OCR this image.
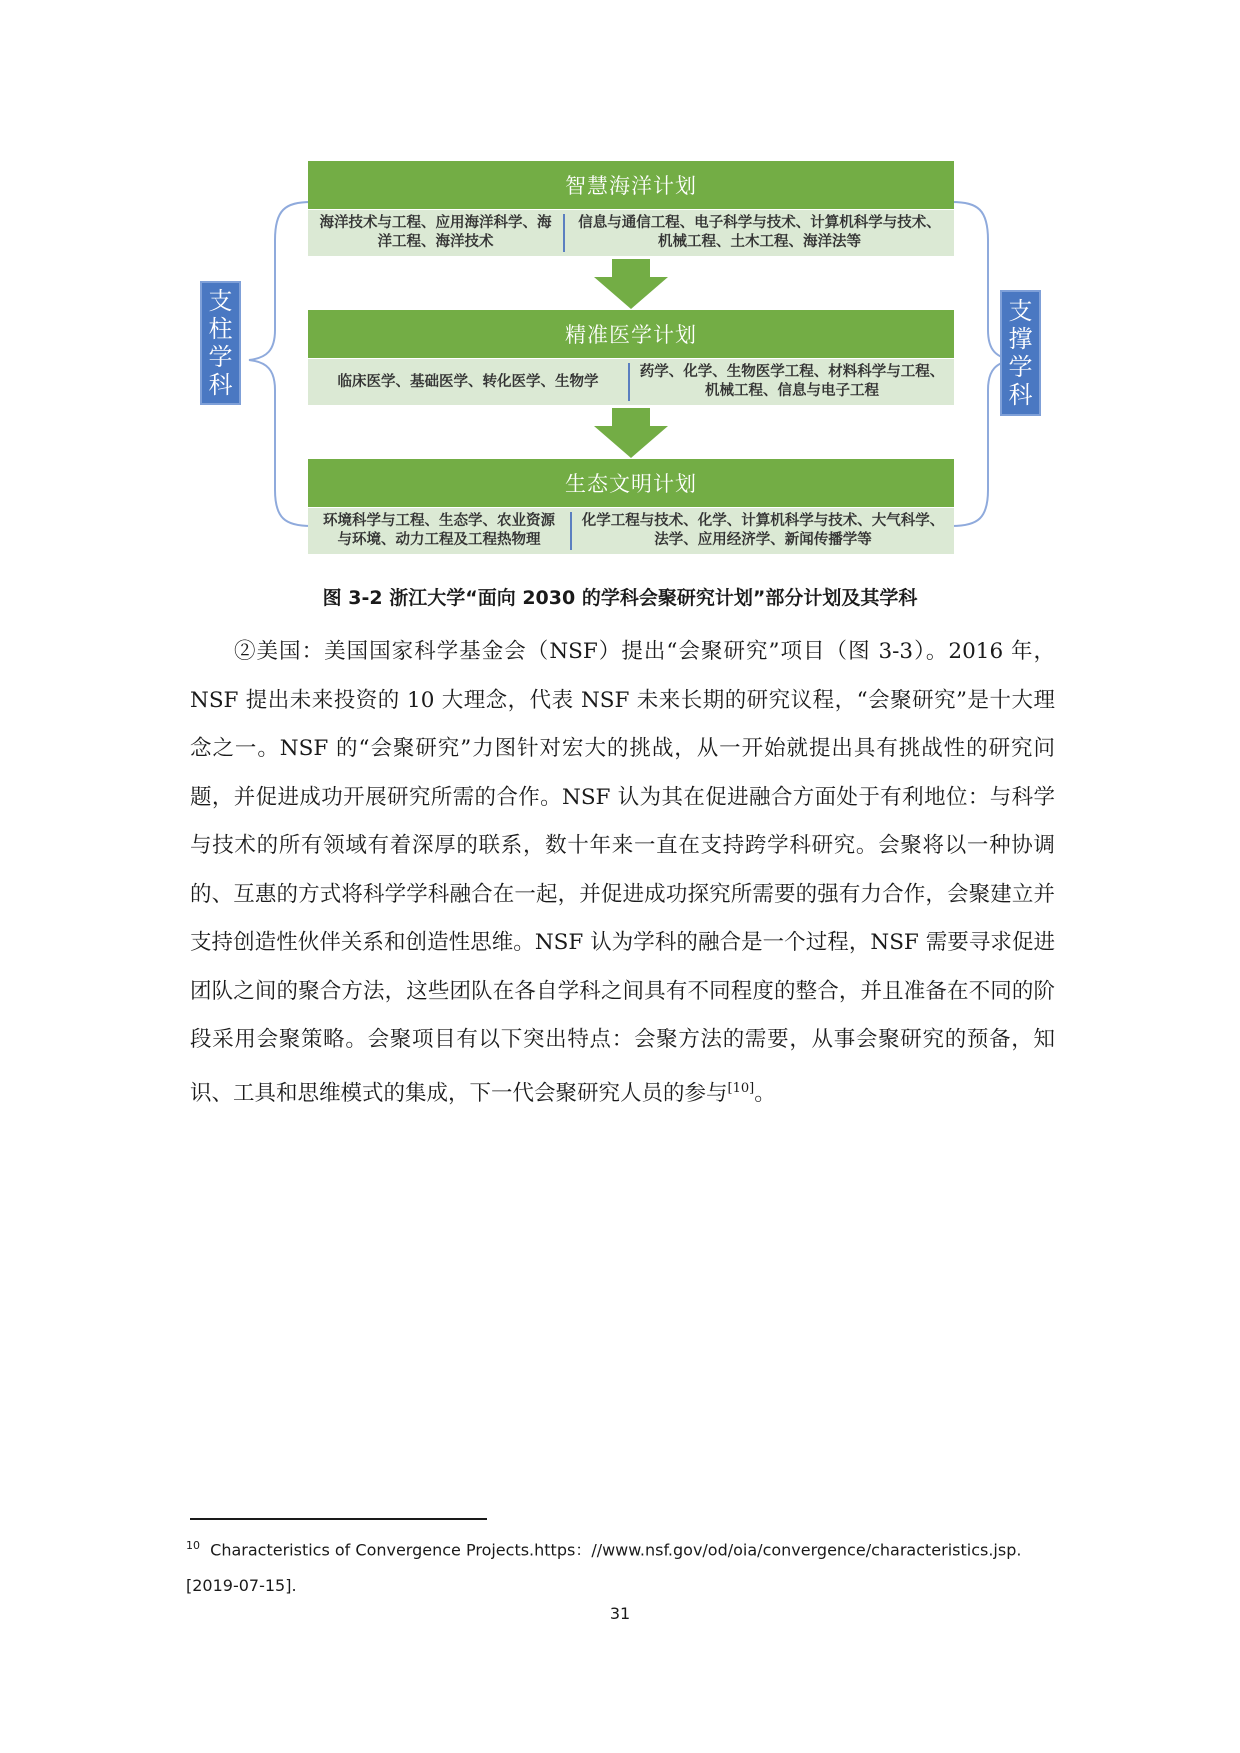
支
柱
学
科
支
撑
学
科
智慧海洋计划
海洋技术与工程、应用海洋科学、海洋工程、海洋技术
信息与通信工程、电子科学与技术、计算机科学与技术、机械工程、土木工程、海洋法等
精准医学计划
临床医学、基础医学、转化医学、生物学
药学、化学、生物医学工程、材料科学与工程、机械工程、信息与电子工程
生态文明计划
环境科学与工程、生态学、农业资源与环境、动力工程及工程热物理
化学工程与技术、化学、计算机科学与技术、大气科学、法学、应用经济学、新闻传播学等
图 3-2 浙江大学“面向 2030 的学科会聚研究计划”部分计划及其学科
②美国：美国国家科学基金会（NSF）提出“会聚研究”项目（图 3-3）。2016 年，NSF 提出未来投资的 10 大理念，代表 NSF 未来长期的研究议程，“会聚研究”是十大理念之一。NSF 的“会聚研究”力图针对宏大的挑战，从一开始就提出具有挑战性的研究问题，并促进成功开展研究所需的合作。NSF 认为其在促进融合方面处于有利地位：与科学与技术的所有领域有着深厚的联系，数十年来一直在支持跨学科研究。会聚将以一种协调的、互惠的方式将科学学科融合在一起，并促进成功探究所需要的强有力合作，会聚建立并支持创造性伙伴关系和创造性思维。NSF 认为学科的融合是一个过程，NSF 需要寻求促进团队之间的聚合方法，这些团队在各自学科之间具有不同程度的整合，并且准备在不同的阶段采用会聚策略。会聚项目有以下突出特点：会聚方法的需要，从事会聚研究的预备，知识、工具和思维模式的集成，下一代会聚研究人员的参与[10]。
$^{10}$ Characteristics of Convergence Projects.https：//www.nsf.gov/od/oia/convergence/characteristics.jsp. [2019-07-15].
31
